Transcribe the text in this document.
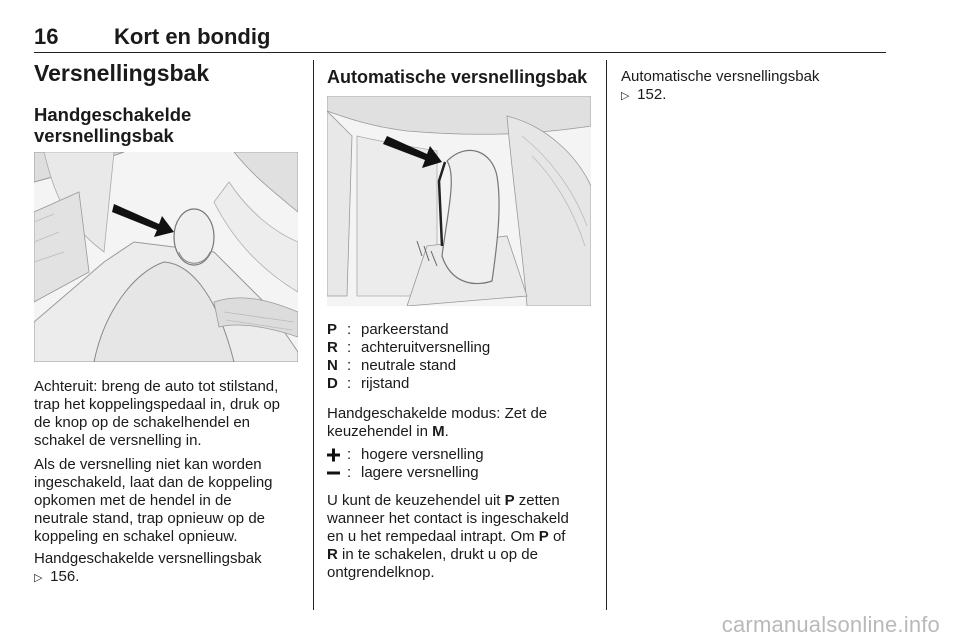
16	Kort en bondig
Versnellingsbak
Handgeschakelde
versnellingsbak
Achteruit: breng de auto tot stilstand,
trap het koppelingspedaal in, druk op
de knop op de schakelhendel en
schakel de versnelling in.
Als de versnelling niet kan worden
ingeschakeld, laat dan de koppeling
opkomen met de hendel in de
neutrale stand, trap opnieuw op de
koppeling en schakel opnieuw.
Handgeschakelde versnellingsbak
▷ 156.
Automatische versnellingsbak
P : parkeerstand
R : achteruitversnelling
N : neutrale stand
D : rijstand
Handgeschakelde modus: Zet de
keuzehendel in M.
: hogere versnelling
: lagere versnelling
U kunt de keuzehendel uit P zetten
wanneer het contact is ingeschakeld
en u het rempedaal intrapt. Om P of
R in te schakelen, drukt u op de
ontgrendelknop.
Automatische versnellingsbak
▷ 152.
carmanualsonline.info
